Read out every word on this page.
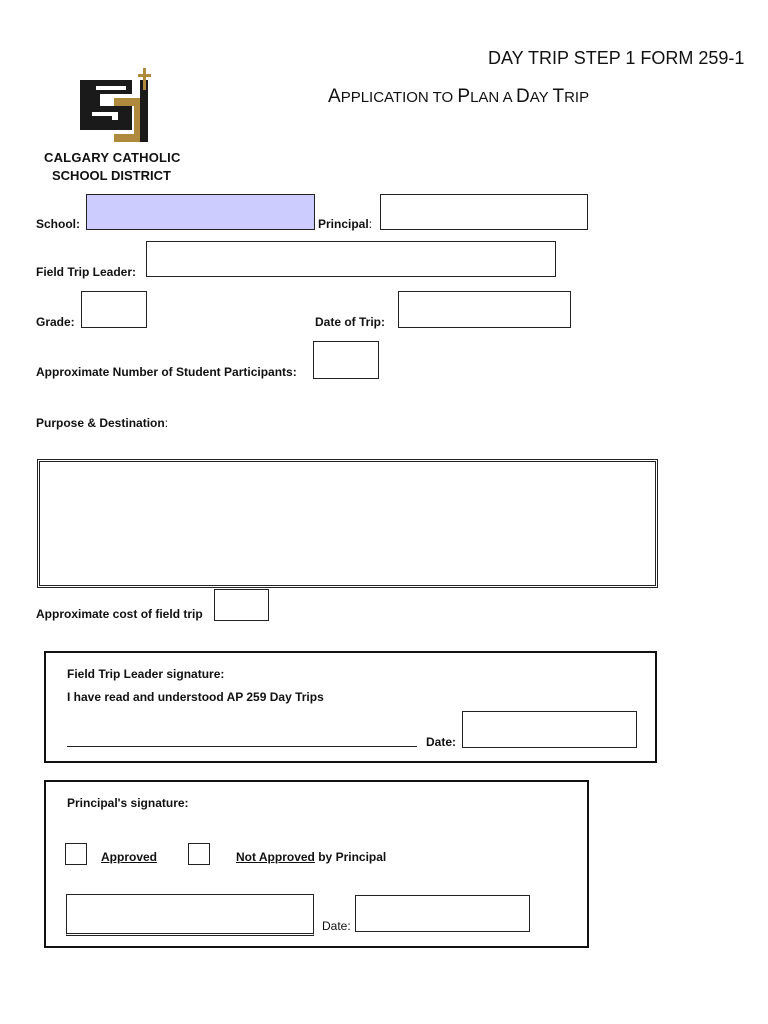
DAY TRIP STEP 1 FORM 259-1
APPLICATION TO PLAN A DAY TRIP
CALGARY CATHOLIC
SCHOOL DISTRICT
School:	Principal:
Field Trip Leader:
Grade:	Date of Trip:
Approximate Number of Student Participants:
Purpose & Destination:
Approximate cost of field trip
Field Trip Leader signature:
I have read and understood AP 259 Day Trips
Date:
Principal's signature:
Approved	Not Approved by Principal
Date:
